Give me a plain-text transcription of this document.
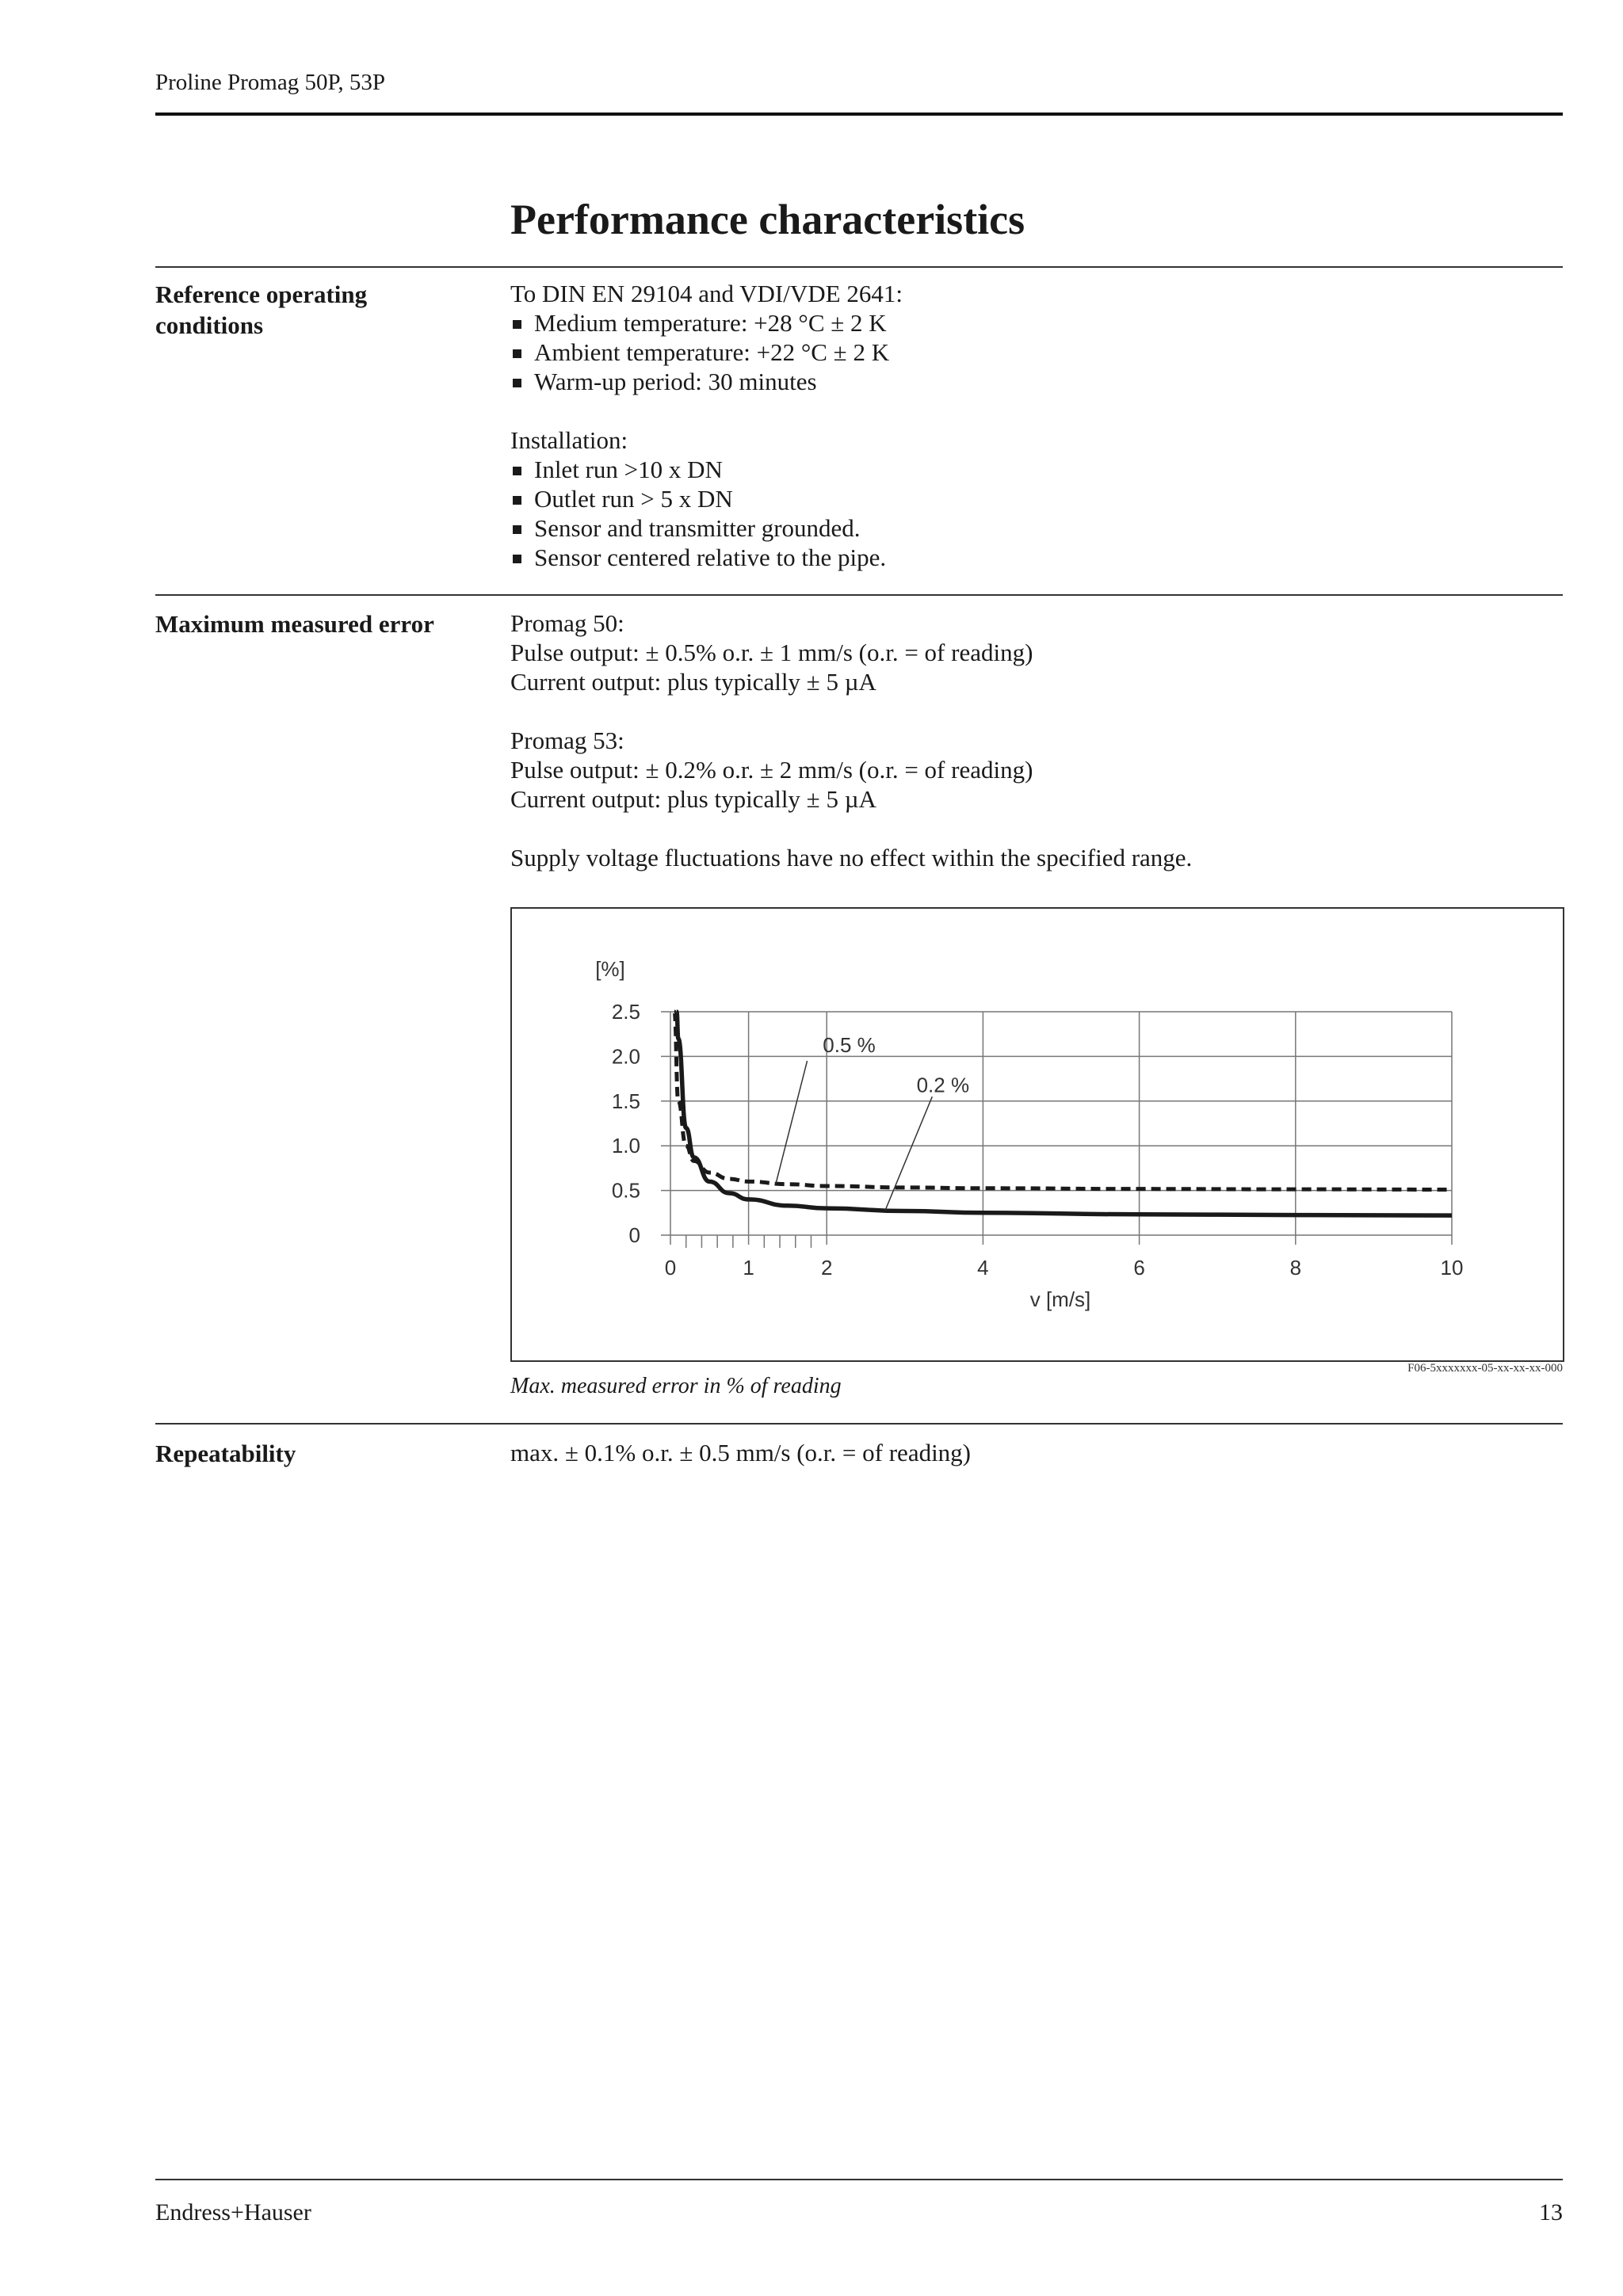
Proline Promag 50P, 53P
Performance characteristics
Reference operating conditions

To DIN EN 29104 and VDI/VDE 2641:

Medium temperature: +28 °C ± 2 K
Ambient temperature: +22 °C ± 2 K
Warm-up period: 30 minutes

Installation:

Inlet run >10 x DN
Outlet run > 5 x DN
Sensor and transmitter grounded.
Sensor centered relative to the pipe.
Maximum measured error	Promag 50:

Pulse output: ± 0.5% o.r. ± 1 mm/s (o.r. = of reading)

Current output: plus typically ± 5 µA

Promag 53:

Pulse output: ± 0.2% o.r. ± 2 mm/s (o.r. = of reading)

Current output: plus typically ± 5 µA

Supply voltage fluctuations have no effect within the specified range.

[%]
v [m/s]
0
0.5
1.0
1.5
2.0
2.5
0	1	2	4	6	8	10
0.5 %
0.2 %
F06-5xxxxxxx-05-xx-xx-xx-000
Max. measured error in % of reading
Repeatability	max. ± 0.1% o.r. ± 0.5 mm/s (o.r. = of reading)
Endress+Hauser	13
